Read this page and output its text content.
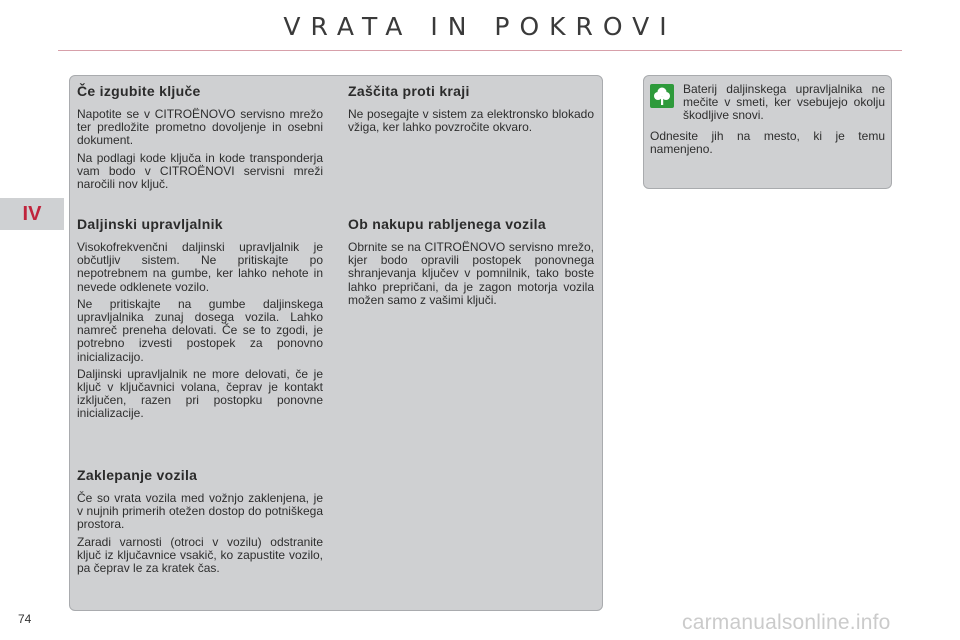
VRATA IN POKROVI
IV
Če izgubite ključe

Napotite se v CITROËNOVO servisno mrežo ter predložite prometno dovoljenje in osebni dokument.

Na podlagi kode ključa in kode transponderja vam bodo v CITROËNOVI servisni mreži naročili nov ključ.

Daljinski upravljalnik

Visokofrekvenčni daljinski upravljalnik je občutljiv sistem. Ne pritiskajte po nepotrebnem na gumbe, ker lahko nehote in nevede odklenete vozilo.

Ne pritiskajte na gumbe daljinskega upravljalnika zunaj dosega vozila. Lahko namreč preneha delovati. Če se to zgodi, je potrebno izvesti postopek za ponovno inicializacijo.

Daljinski upravljalnik ne more delovati, če je ključ v ključavnici volana, čeprav je kontakt izključen, razen pri postopku ponovne inicializacije.

Zaklepanje vozila

Če so vrata vozila med vožnjo zaklenjena, je v nujnih primerih otežen dostop do potniškega prostora.

Zaradi varnosti (otroci v vozilu) odstranite ključ iz ključavnice vsakič, ko zapustite vozilo, pa čeprav le za kratek čas.

Zaščita proti kraji

Ne posegajte v sistem za elektronsko blokado vžiga, ker lahko povzročite okvaro.

Ob nakupu rabljenega vozila

Obrnite se na CITROËNOVO servisno mrežo, kjer bodo opravili postopek ponovnega shranjevanja ključev v pomnilnik, tako boste lahko prepričani, da je zagon motorja vozila možen samo z vašimi ključi.

Baterij daljinskega upravljalnika ne mečite v smeti, ker vsebujejo okolju škodljive snovi.

Odnesite jih na mesto, ki je temu namenjeno.

74	carmanualsonline.info
